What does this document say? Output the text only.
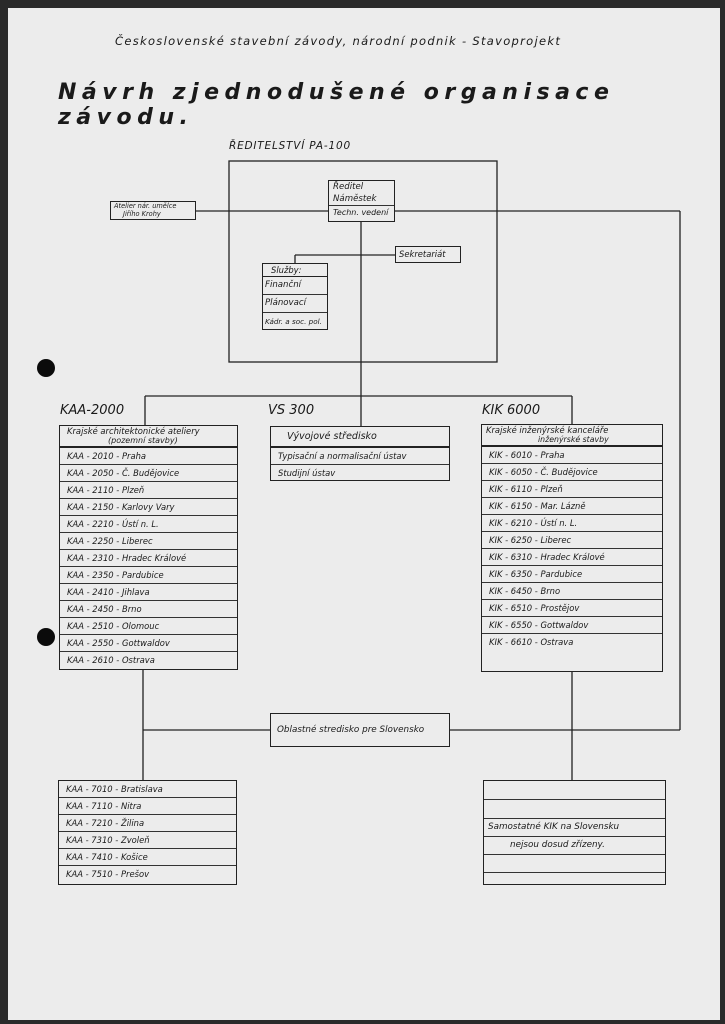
Československé stavební závody, národní podnik - Stavoprojekt
Návrh zjednodušené organisace závodu.
ŘEDITELSTVÍ PA-100
Ředitel
Náměstek
Techn. vedení
Atelier nár. umělce
Jiřího Krohy
Sekretariát
Služby:
Finanční
Plánovací
Kádr. a soc. pol.
KAA-2000	VS 300	KIK 6000
Krajské architektonické ateliery
(pozemní stavby)
KAA - 2010 - Praha
KAA - 2050 - Č. Budějovice
KAA - 2110 - Plzeň
KAA - 2150 - Karlovy Vary
KAA - 2210 - Ústí n. L.
KAA - 2250 - Liberec
KAA - 2310 - Hradec Králové
KAA - 2350 - Pardubice
KAA - 2410 - Jihlava
KAA - 2450 - Brno
KAA - 2510 - Olomouc
KAA - 2550 - Gottwaldov
KAA - 2610 - Ostrava
Vývojové středisko
Typisační a normalisační ústav
Studijní ústav
Krajské inženýrské kanceláře
inženýrské stavby
KIK - 6010 - Praha
KIK - 6050 - Č. Budějovice
KIK - 6110 - Plzeň
KIK - 6150 - Mar. Lázně
KIK - 6210 - Ústí n. L.
KIK - 6250 - Liberec
KIK - 6310 - Hradec Králové
KIK - 6350 - Pardubice
KIK - 6450 - Brno
KIK - 6510 - Prostějov
KIK - 6550 - Gottwaldov
KIK - 6610 - Ostrava
Oblastné stredisko pre Slovensko
KAA - 7010 - Bratislava
KAA - 7110 - Nitra
KAA - 7210 - Žilina
KAA - 7310 - Zvoleň
KAA - 7410 - Košice
KAA - 7510 - Prešov
Samostatné KIK na Slovensku
nejsou dosud zřízeny.
